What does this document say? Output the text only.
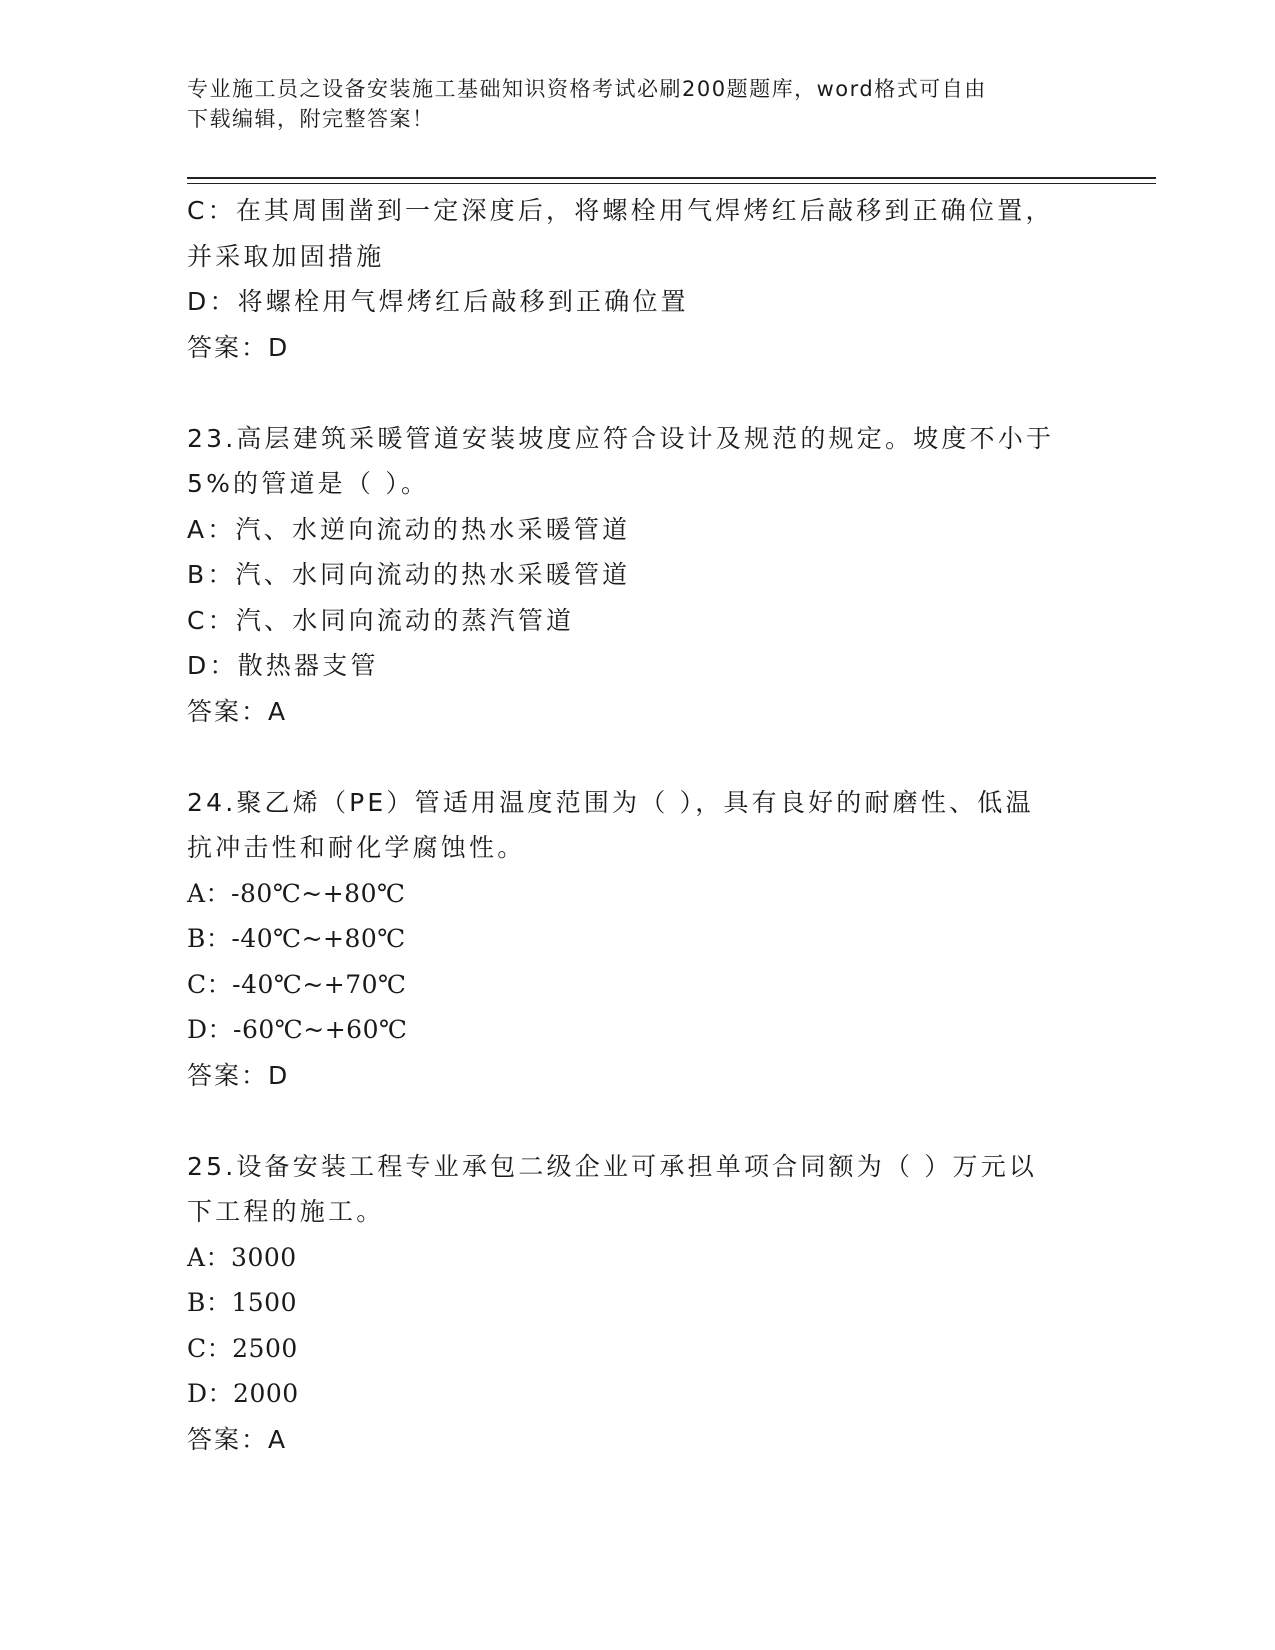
专业施工员之设备安装施工基础知识资格考试必刷200题题库，word格式可自由
下载编辑，附完整答案！
C：在其周围凿到一定深度后，将螺栓用气焊烤红后敲移到正确位置，
并采取加固措施
D：将螺栓用气焊烤红后敲移到正确位置
答案：D
23.高层建筑采暖管道安装坡度应符合设计及规范的规定。坡度不小于
5%的管道是（ ）。
A：汽、水逆向流动的热水采暖管道
B：汽、水同向流动的热水采暖管道
C：汽、水同向流动的蒸汽管道
D：散热器支管
答案：A
24.聚乙烯（PE）管适用温度范围为（ ），具有良好的耐磨性、低温
抗冲击性和耐化学腐蚀性。
A：-80℃~+80℃
B：-40℃~+80℃
C：-40℃~+70℃
D：-60℃~+60℃
答案：D
25.设备安装工程专业承包二级企业可承担单项合同额为（ ）万元以
下工程的施工。
A：3000
B：1500
C：2500
D：2000
答案：A
